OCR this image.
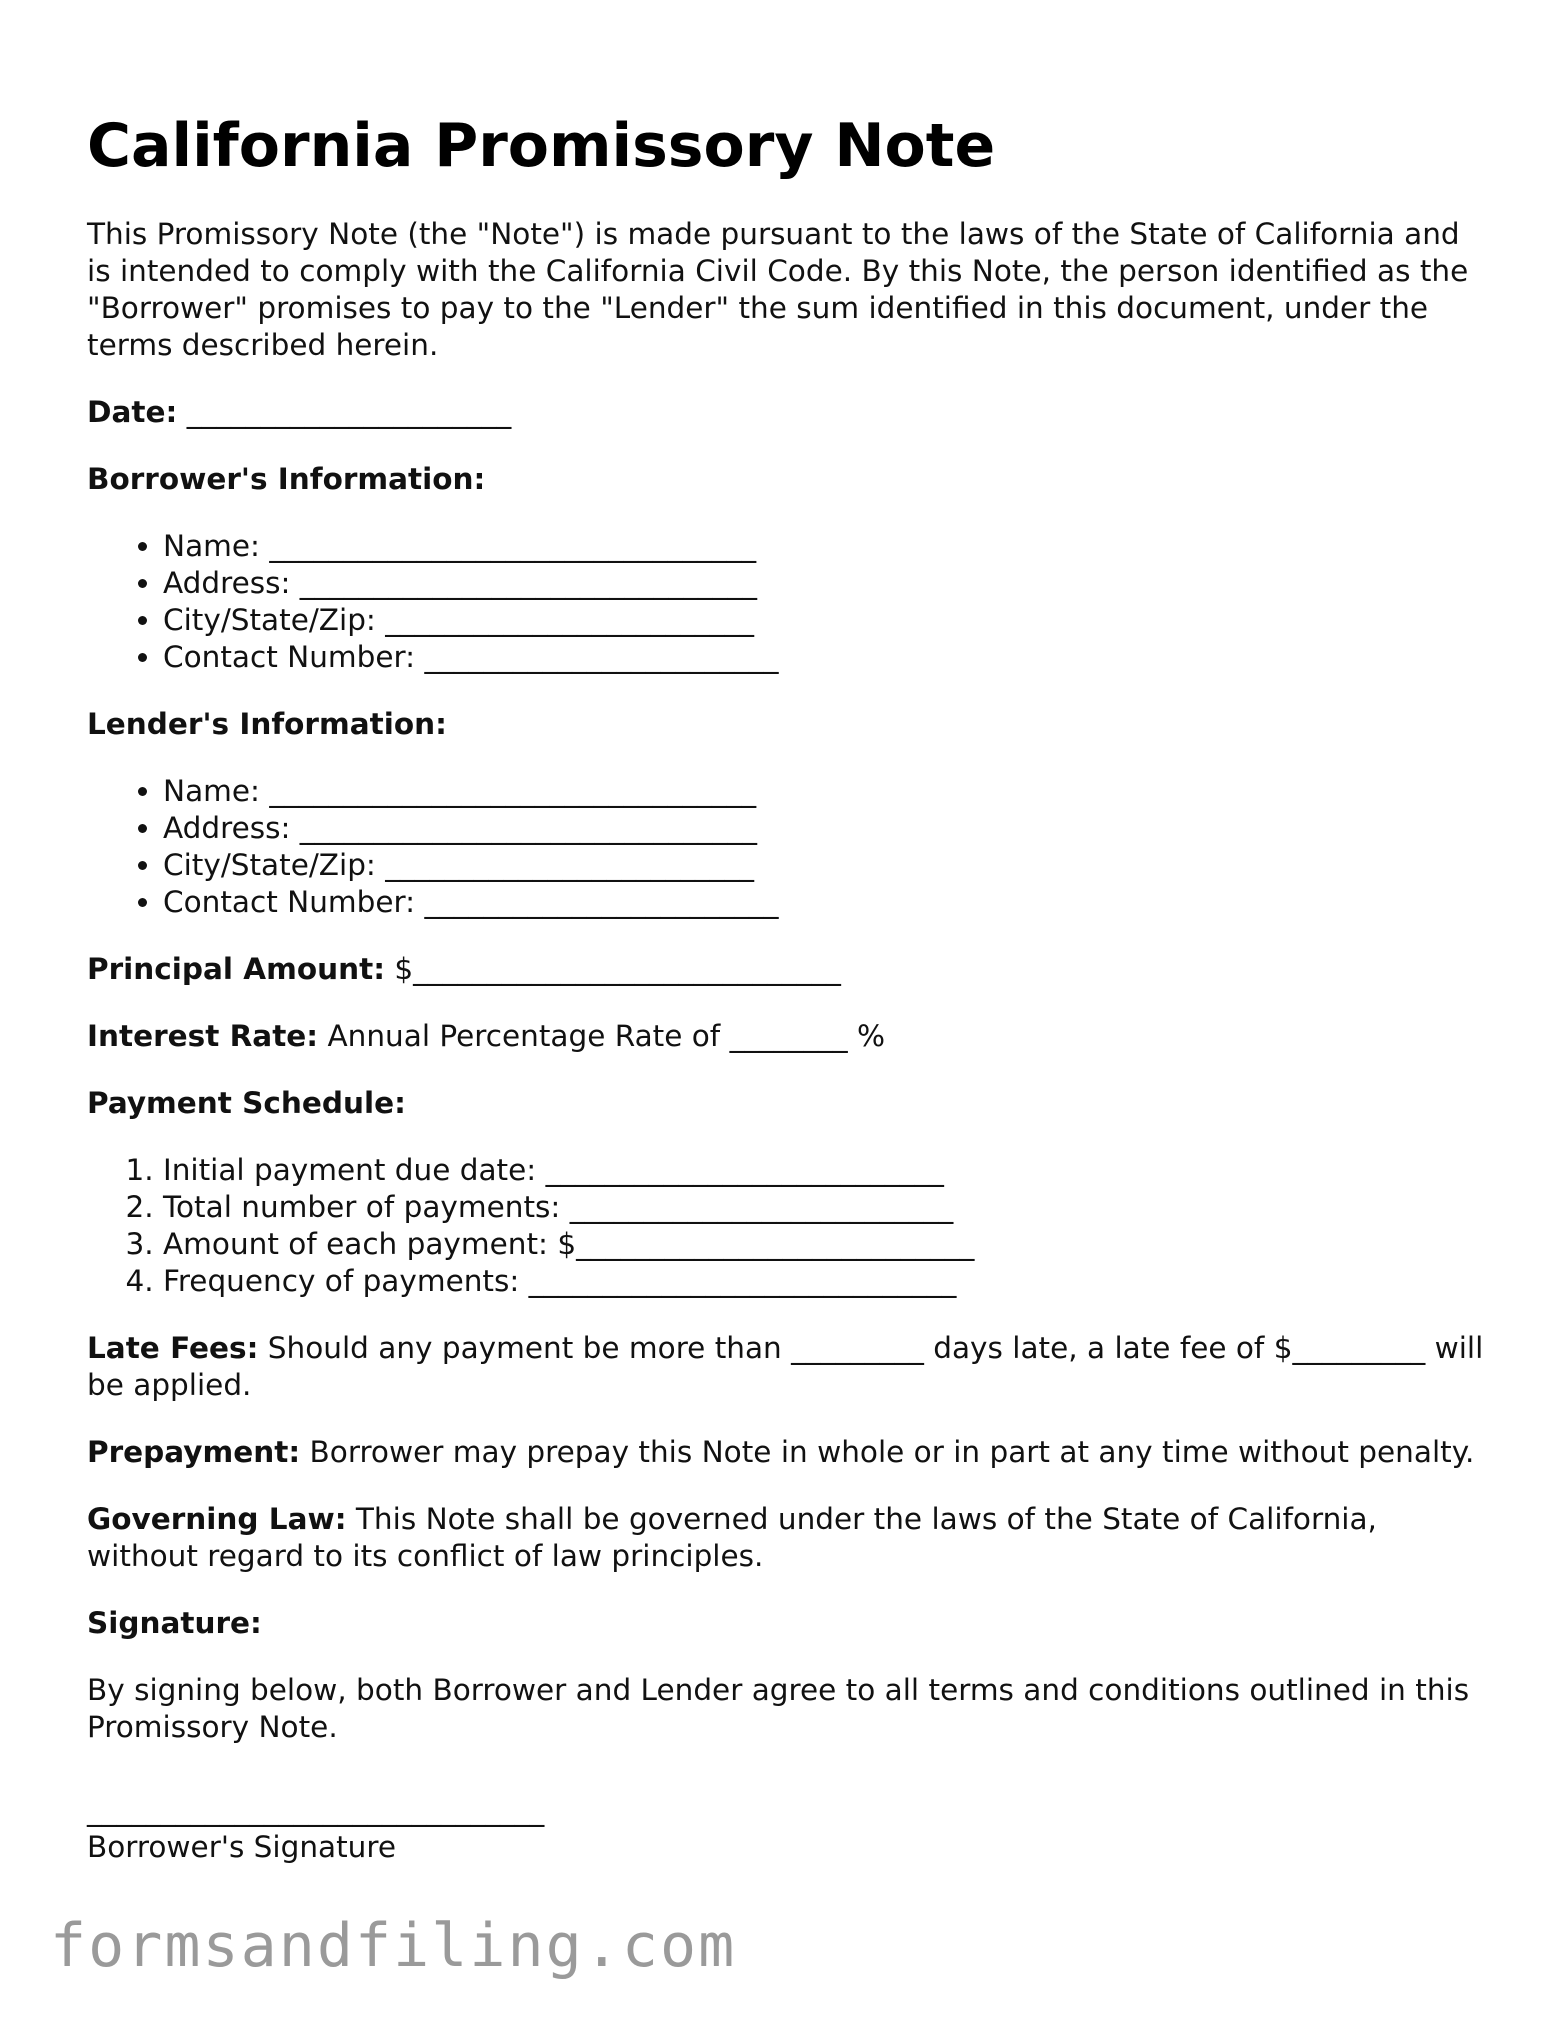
California Promissory Note

This Promissory Note (the "Note") is made pursuant to the laws of the State of California and is intended to comply with the California Civil Code. By this Note, the person identified as the "Borrower" promises to pay to the "Lender" the sum identified in this document, under the terms described herein.

Date: ______________________

Borrower's Information:

• Name: _________________________________
• Address: _______________________________
• City/State/Zip: _________________________
• Contact Number: ________________________

Lender's Information:

• Name: _________________________________
• Address: _______________________________
• City/State/Zip: _________________________
• Contact Number: ________________________

Principal Amount: $_____________________________

Interest Rate: Annual Percentage Rate of ________ %

Payment Schedule:

1. Initial payment due date: ___________________________
2. Total number of payments: __________________________
3. Amount of each payment: $___________________________
4. Frequency of payments: _____________________________

Late Fees: Should any payment be more than _________ days late, a late fee of $_________ will be applied.

Prepayment: Borrower may prepay this Note in whole or in part at any time without penalty.

Governing Law: This Note shall be governed under the laws of the State of California, without regard to its conflict of law principles.

Signature:

By signing below, both Borrower and Lender agree to all terms and conditions outlined in this Promissory Note.

_______________________________
Borrower's Signature
formsandfiling.com
